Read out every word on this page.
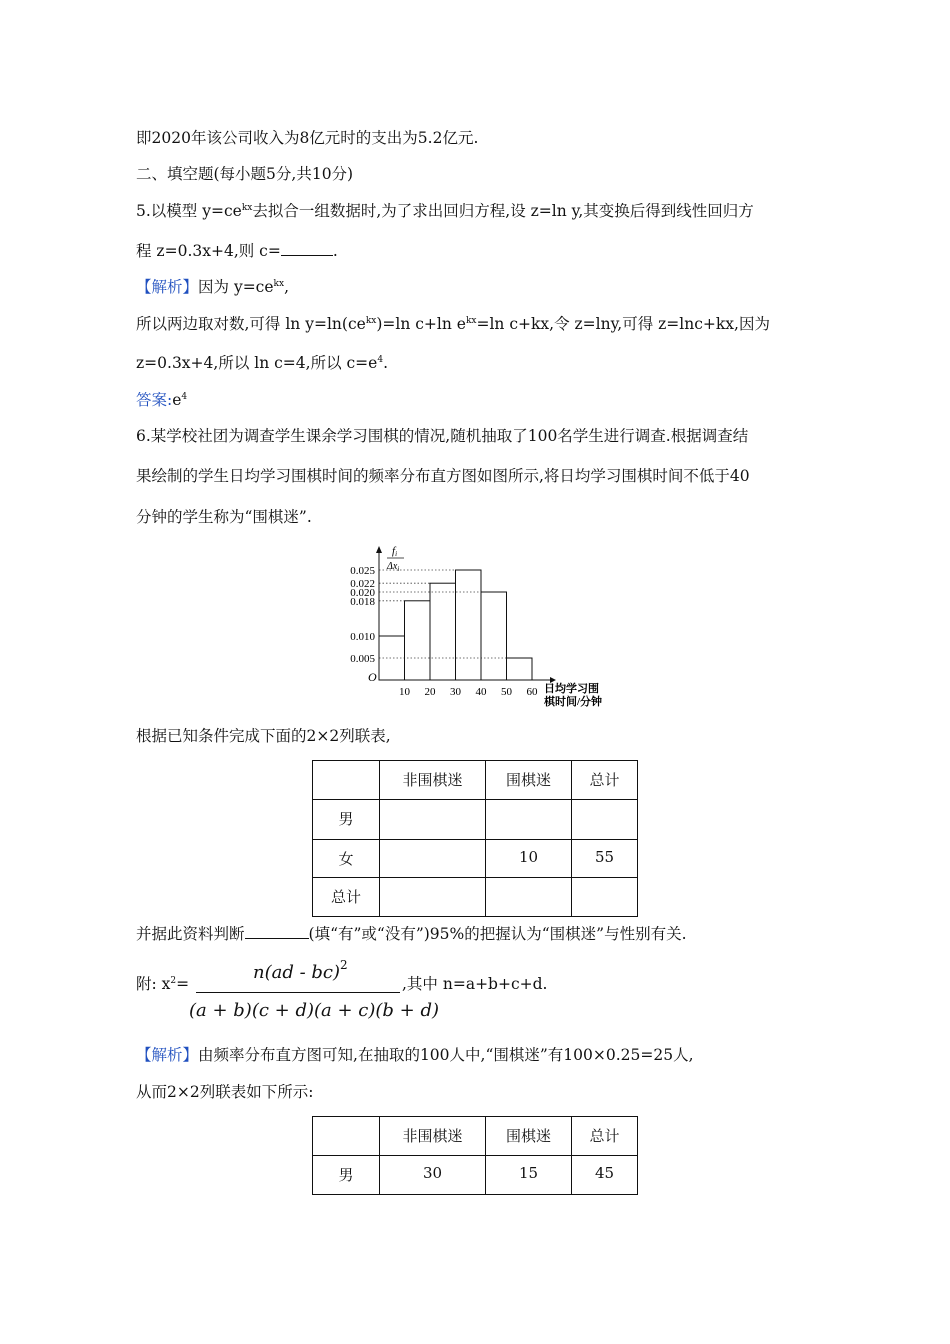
即2020年该公司收入为8亿元时的支出为5.2亿元.
二、填空题(每小题5分,共10分)
5.以模型 $y=ce^{kx}$去拟合一组数据时,为了求出回归方程,设 z=ln y,其变换后得到线性回归方
程 z=0.3x+4,则 c=	.
【解析】因为 $y=ce^{kx}$,
所以两边取对数,可得 $\ln y=\ln(ce^{kx})=\ln$ c+ln $e^{kx}=\ln$ c+kx,令 z=lny,可得 z=lnc+kx,因为
z=0.3x+4,所以 ln c=4,所以 $c=e^4$.
答案$:e^4$
6.某学校社团为调查学生课余学习围棋的情况,随机抽取了100名学生进行调查.根据调查结
果绘制的学生日均学习围棋时间的频率分布直方图如图所示,将日均学习围棋时间不低于40
分钟的学生称为“围棋迷”.
0.025
0.022
0.020
0.018
0.010
0.005
10 20 30 40 50 60
O
fi
$\Delta x_i$
日均学习围
棋时间/分钟
根据已知条件完成下面的2×2列联表,
	非围棋迷	围棋迷	总计
男			
女		10	55
总计			
并据此资料判断	(填“有”或“没有”)95%的把握认为“围棋迷”与性别有关.
附: $x^2=$
n(ad - bc)$^2$
(a + b)(c + d)(a + c)(b + d)
,其中 n=a+b+c+d.
【解析】由频率分布直方图可知,在抽取的100人中,“围棋迷”有100×0.25=25人,
从而2×2列联表如下所示:
	非围棋迷	围棋迷	总计
男	30	15	45
